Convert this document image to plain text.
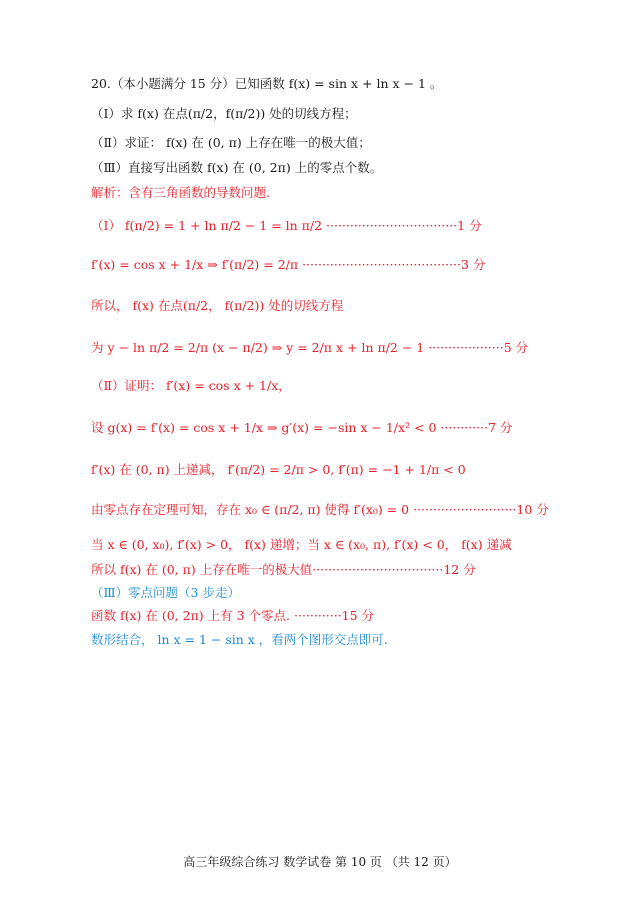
20.（本小题满分 15 分）已知函数 f(x) = sin x + ln x − 1 。
（Ⅰ）求 f(x) 在点(π/2，f(π/2)) 处的切线方程；
（Ⅱ）求证： f(x) 在 (0, π) 上存在唯一的极大值；
（Ⅲ）直接写出函数 f(x) 在 (0, 2π) 上的零点个数。
解析：含有三角函数的导数问题.
（Ⅰ） f(π/2) = 1 + ln π/2 − 1 = ln π/2 ·································1 分
f′(x) = cos x + 1/x ⇒ f′(π/2) = 2/π ········································3 分
所以， f(x) 在点(π/2， f(π/2)) 处的切线方程
为 y − ln π/2 = 2/π (x − π/2) ⇒ y = 2/π x + ln π/2 − 1 ···················5 分
（Ⅱ）证明： f′(x) = cos x + 1/x，
设 g(x) = f′(x) = cos x + 1/x ⇒ g′(x) = −sin x − 1/x² < 0 ············7 分
f′(x) 在 (0, π) 上递减， f′(π/2) = 2/π > 0, f′(π) = −1 + 1/π < 0
由零点存在定理可知，存在 x₀ ∈ (π/2, π) 使得 f′(x₀) = 0 ··························10 分
当 x ∈ (0, x₀), f′(x) > 0， f(x) 递增；当 x ∈ (x₀, π), f′(x) < 0， f(x) 递减
所以 f(x) 在 (0, π) 上存在唯一的极大值·································12 分
（Ⅲ）零点问题（3 步走）
函数 f(x) 在 (0, 2π) 上有 3 个零点. ············15 分
数形结合， ln x = 1 − sin x ，看两个图形交点即可.
高三年级综合练习 数学试卷 第 10 页 （共 12 页）
